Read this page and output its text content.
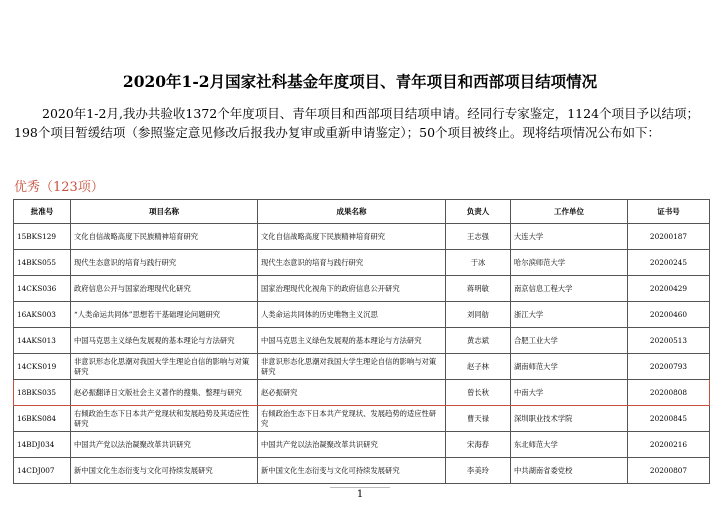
2020年1-2月国家社科基金年度项目、青年项目和西部项目结项情况
2020年1-2月,我办共验收1372个年度项目、青年项目和西部项目结项申请。经同行专家鉴定，1124个项目予以结项；198个项目暂缓结项（参照鉴定意见修改后报我办复审或重新申请鉴定）；50个项目被终止。现将结项情况公布如下：
优秀（123项）
批准号	项目名称	成果名称	负责人	工作单位	证书号
15BKS129	文化自信战略高度下民族精神培育研究	文化自信战略高度下民族精神培育研究	王志强	大连大学	20200187
14BKS055	现代生态意识的培育与践行研究	现代生态意识的培育与践行研究	于冰	哈尔滨师范大学	20200245
14CKS036	政府信息公开与国家治理现代化研究	国家治理现代化视角下的政府信息公开研究	蒋明敏	南京信息工程大学	20200429
16AKS003	“人类命运共同体”思想若干基础理论问题研究	人类命运共同体的历史唯物主义沉思	刘同舫	浙江大学	20200460
14AKS013	中国马克思主义绿色发展观的基本理论与方法研究	中国马克思主义绿色发展观的基本理论与方法研究	黄志斌	合肥工业大学	20200513
14CKS019	非意识形态化思潮对我国大学生理论自信的影响与对策研究	非意识形态化思潮对我国大学生理论自信的影响与对策研究	赵子林	湖南师范大学	20200793
18BKS035	赵必振翻译日文版社会主义著作的搜集、整理与研究	赵必振研究	曾长秋	中南大学	20200808
16BKS084	右倾政治生态下日本共产党现状和发展趋势及其适应性研究	右倾政治生态下日本共产党现状、发展趋势的适应性研究	曹天禄	深圳职业技术学院	20200845
14BDJ034	中国共产党以法治凝聚改革共识研究	中国共产党以法治凝聚改革共识研究	宋海春	东北师范大学	20200216
14CDJ007	新中国文化生态衍变与文化可持续发展研究	新中国文化生态衍变与文化可持续发展研究	李美玲	中共湖南省委党校	20200807
1
